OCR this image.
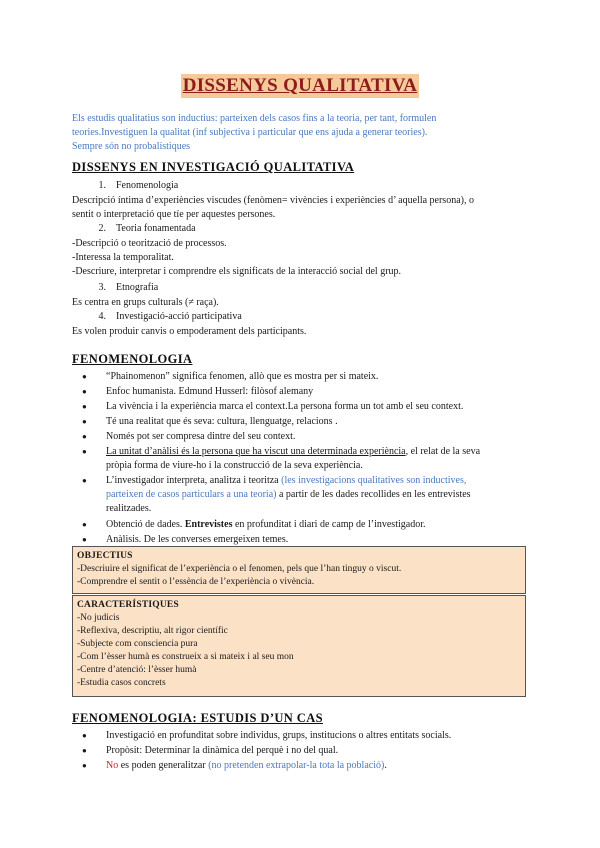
DISSENYS QUALITATIVA
Els estudis qualitatius son inductius: parteixen dels casos fins a la teoria, per tant, formulen
teories.Investiguen la qualitat (inf subjectiva i particular que ens ajuda a generar teories).
Sempre són no probalístiques
DISSENYS EN INVESTIGACIÓ QUALITATIVA
1. Fenomenologia
Descripció íntima d’experiències viscudes (fenòmen= vivències i experiències d’ aquella persona), o
sentit o interpretació que tíe per aquestes persones.
2. Teoria fonamentada
-Descripció o teorització de processos.
-Interessa la temporalitat.
-Descriure, interpretar i comprendre els significats de la interacció social del grup.
3. Etnografia
Es centra en grups culturals (≠ raça).
4. Investigació-acció participativa
Es volen produir canvis o empoderament dels participants.
FENOMENOLOGIA
● “Phainomenon” significa fenomen, allò que es mostra per si mateix.
● Enfoc humanista. Edmund Husserl: filòsof alemany
● La vivència i la experiència marca el context.La persona forma un tot amb el seu context.
● Té una realitat que és seva: cultura, llenguatge, relacions .
● Només pot ser compresa dintre del seu context.
● La unitat d’anàlisi és la persona que ha viscut una determinada experiència, el relat de la seva
pròpia forma de viure-ho i la construcció de la seva experiència.
● L’investigador interpreta, analitza i teoritza (les investigacions qualitatives son inductives,
parteixen de casos particulars a una teoria) a partir de les dades recollides en les entrevistes
realitzades.
● Obtenció de dades. Entrevistes en profunditat i diari de camp de l’investigador.
● Anàlisis. De les converses emergeixen temes.
OBJECTIUS
-Descriuire el significat de l’experiència o el fenomen, pels que l’han tinguy o viscut.
-Comprendre el sentit o l’essència de l’experiència o vivència.
CARACTERÍSTIQUES
-No judicis
-Reflexiva, descriptiu, alt rigor científic
-Subjecte com consciencia pura
-Com l’èsser humà es construeix a si mateix i al seu mon
-Centre d’atenció: l’èsser humà
-Estudia casos concrets
FENOMENOLOGIA: ESTUDIS D’UN CAS
● Investigació en profunditat sobre individus, grups, institucions o altres entitats socials.
● Propòsit: Determinar la dinàmica del perquè i no del qual.
● No es poden generalitzar (no pretenden extrapolar-la tota la població).
